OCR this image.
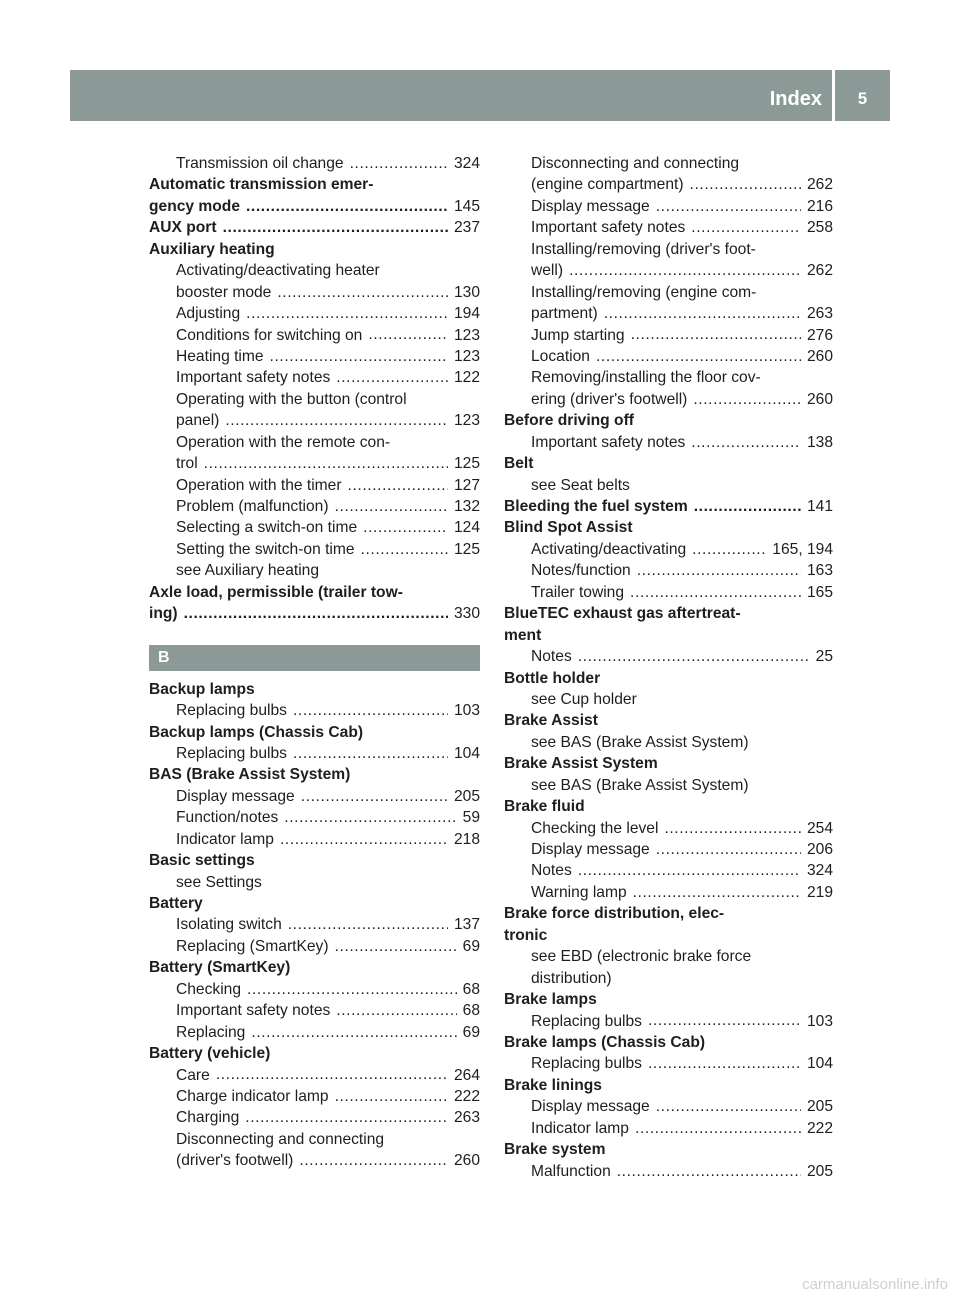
Index	5
Transmission oil change .....	324
Automatic transmission emer-
gency mode .....	145
AUX port .....	237
Auxiliary heating
Activating/deactivating heater
booster mode .....	130
Adjusting .....	194
Conditions for switching on .....	123
Heating time .....	123
Important safety notes .....	122
Operating with the button (control
panel) .....	123
Operation with the remote con-
trol .....	125
Operation with the timer .....	127
Problem (malfunction) .....	132
Selecting a switch-on time .....	124
Setting the switch-on time .....	125
see Auxiliary heating
Axle load, permissible (trailer tow-
ing) .....	330
B
Backup lamps
Replacing bulbs .....	103
Backup lamps (Chassis Cab)
Replacing bulbs .....	104
BAS (Brake Assist System)
Display message .....	205
Function/notes .....	59
Indicator lamp .....	218
Basic settings
see Settings
Battery
Isolating switch .....	137
Replacing (SmartKey) .....	69
Battery (SmartKey)
Checking .....	68
Important safety notes .....	68
Replacing .....	69
Battery (vehicle)
Care .....	264
Charge indicator lamp .....	222
Charging .....	263
Disconnecting and connecting
(driver's footwell) .....	260
Disconnecting and connecting
(engine compartment) .....	262
Display message .....	216
Important safety notes .....	258
Installing/removing (driver's foot-
well) .....	262
Installing/removing (engine com-
partment) .....	263
Jump starting .....	276
Location .....	260
Removing/installing the floor cov-
ering (driver's footwell) .....	260
Before driving off
Important safety notes .....	138
Belt
see Seat belts
Bleeding the fuel system .....	141
Blind Spot Assist
Activating/deactivating .....	165, 194
Notes/function .....	163
Trailer towing .....	165
BlueTEC exhaust gas aftertreat-
ment
Notes .....	25
Bottle holder
see Cup holder
Brake Assist
see BAS (Brake Assist System)
Brake Assist System
see BAS (Brake Assist System)
Brake fluid
Checking the level .....	254
Display message .....	206
Notes .....	324
Warning lamp .....	219
Brake force distribution, elec-
tronic
see EBD (electronic brake force
distribution)
Brake lamps
Replacing bulbs .....	103
Brake lamps (Chassis Cab)
Replacing bulbs .....	104
Brake linings
Display message .....	205
Indicator lamp .....	222
Brake system
Malfunction .....	205
carmanualsonline.info
